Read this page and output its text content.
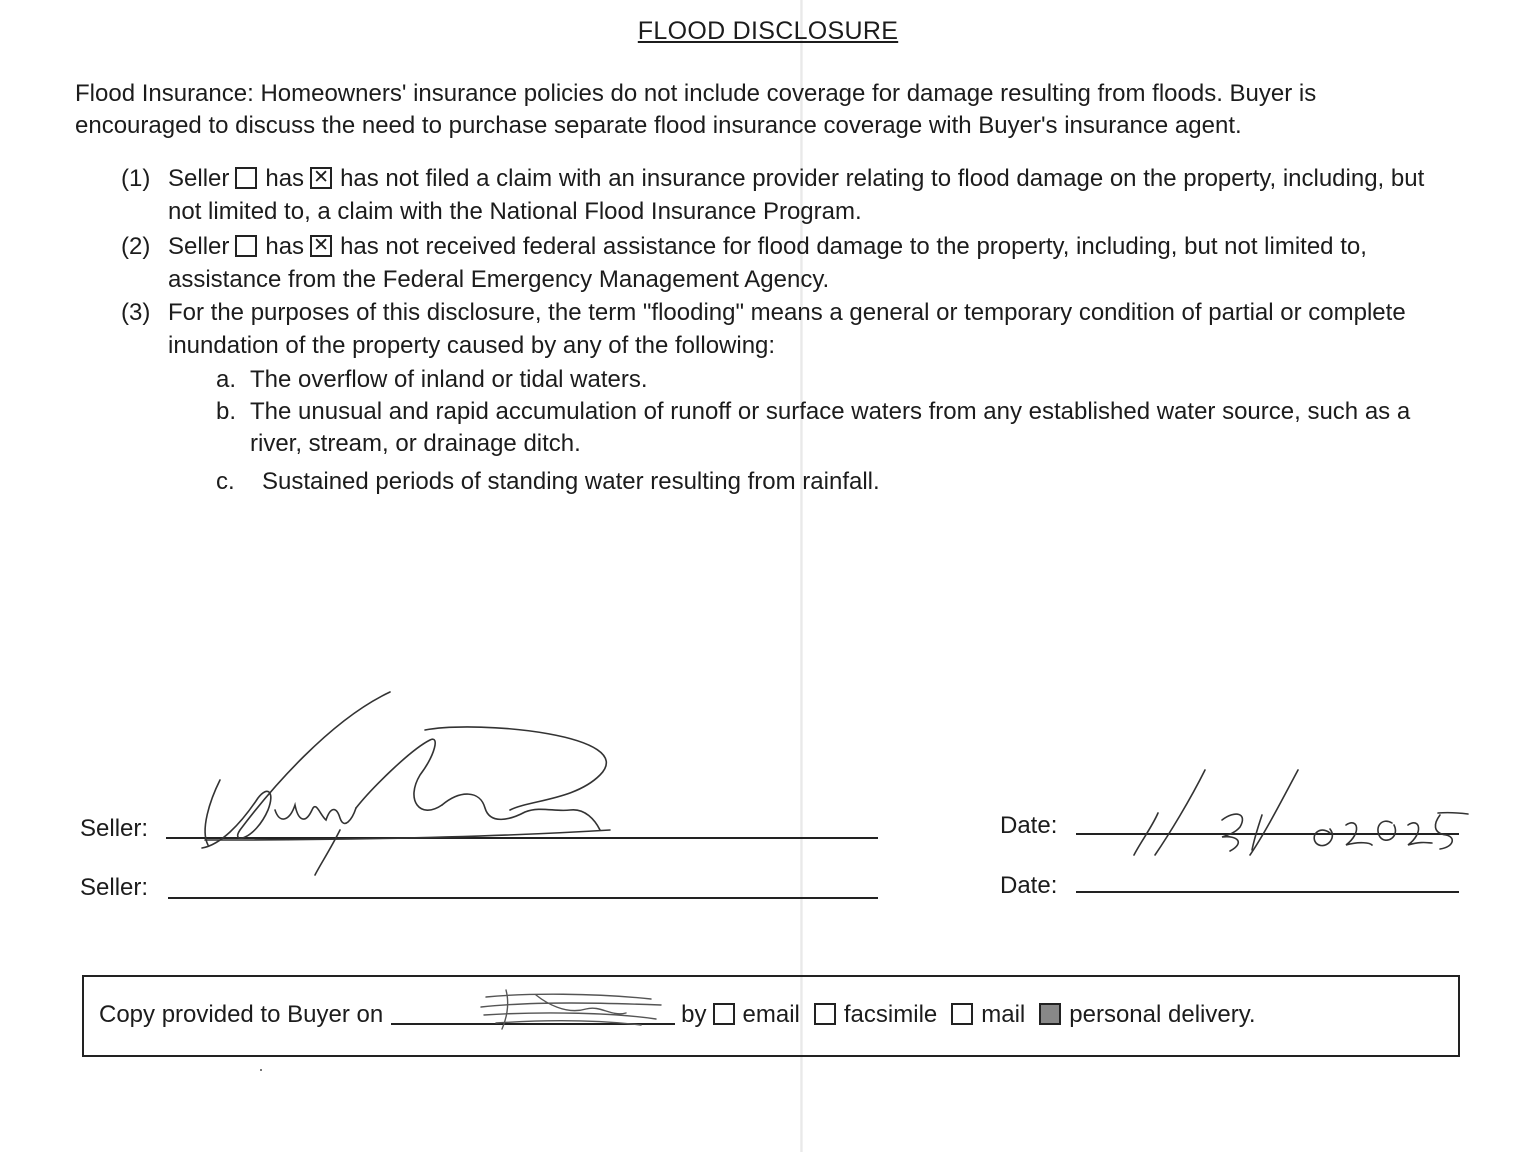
FLOOD DISCLOSURE
Flood Insurance: Homeowners' insurance policies do not include coverage for damage resulting from floods. Buyer is encouraged to discuss the need to purchase separate flood insurance coverage with Buyer's insurance agent.
(1) Seller has ✕ has not filed a claim with an insurance provider relating to flood damage on the property, including, but not limited to, a claim with the National Flood Insurance Program.
(2) Seller has ✕ has not received federal assistance for flood damage to the property, including, but not limited to, assistance from the Federal Emergency Management Agency.
(3) For the purposes of this disclosure, the term "flooding" means a general or temporary condition of partial or complete inundation of the property caused by any of the following:
a. The overflow of inland or tidal waters.
b. The unusual and rapid accumulation of runoff or surface waters from any established water source, such as a river, stream, or drainage ditch.
c. Sustained periods of standing water resulting from rainfall.
Seller:	Date:
Seller:	Date:
Copy provided to Buyer on	by email facsimile mail personal delivery.
